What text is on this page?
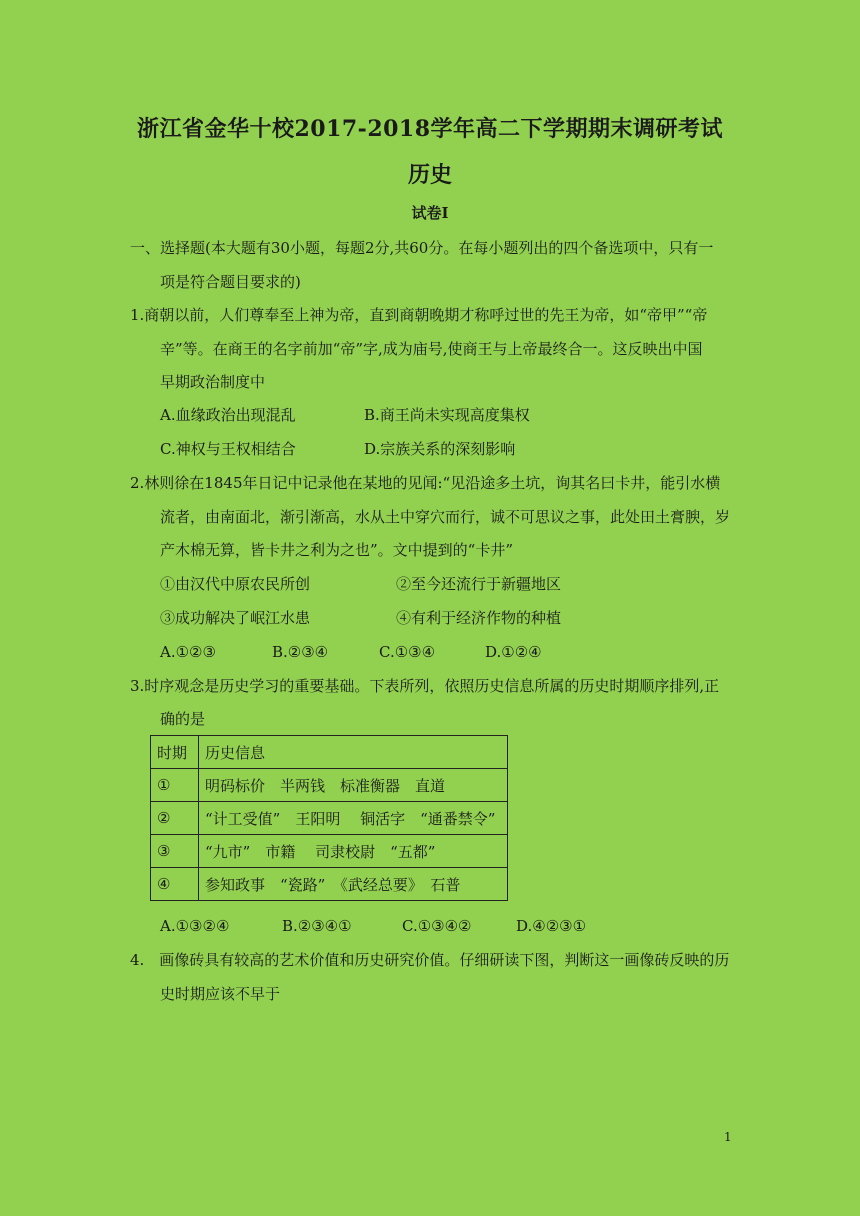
浙江省金华十校2017-2018学年高二下学期期末调研考试
历史
试卷Ⅰ
一、选择题(本大题有30小题，每题2分,共60分。在每小题列出的四个备选项中，只有一
项是符合题目要求的)
1.商朝以前，人们尊奉至上神为帝，直到商朝晚期才称呼过世的先王为帝，如“帝甲”“帝
辛”等。在商王的名字前加“帝”字,成为庙号,使商王与上帝最终合一。这反映出中国
早期政治制度中
A.血缘政治出现混乱	B.商王尚未实现高度集权
C.神权与王权相结合	D.宗族关系的深刻影响
2.林则徐在1845年日记中记录他在某地的见闻:“见沿途多土坑，询其名曰卡井，能引水横
流者，由南面北，渐引渐高，水从土中穿穴而行，诚不可思议之事，此处田土膏腴，岁
产木棉无算，皆卡井之利为之也”。文中提到的“卡井”
①由汉代中原农民所创	②至今还流行于新疆地区
③成功解决了岷江水患	④有利于经济作物的种植
A.①②③	B.②③④	C.①③④	D.①②④
3.时序观念是历史学习的重要基础。下表所列，依照历史信息所属的历史时期顺序排列,正
确的是
时期	历史信息
①	明码标价　半两钱　标准衡器　直道
②	“计工受值”　王阳明　 铜活字　“通番禁令”
③	“九市”　市籍　 司隶校尉　“五都”
④	参知政事　“瓷路”　《武经总要》　石普
A.①③②④	B.②③④①	C.①③④②	D.④②③①
4.　画像砖具有较高的艺术价值和历史研究价值。仔细研读下图，判断这一画像砖反映的历
史时期应该不早于
1
